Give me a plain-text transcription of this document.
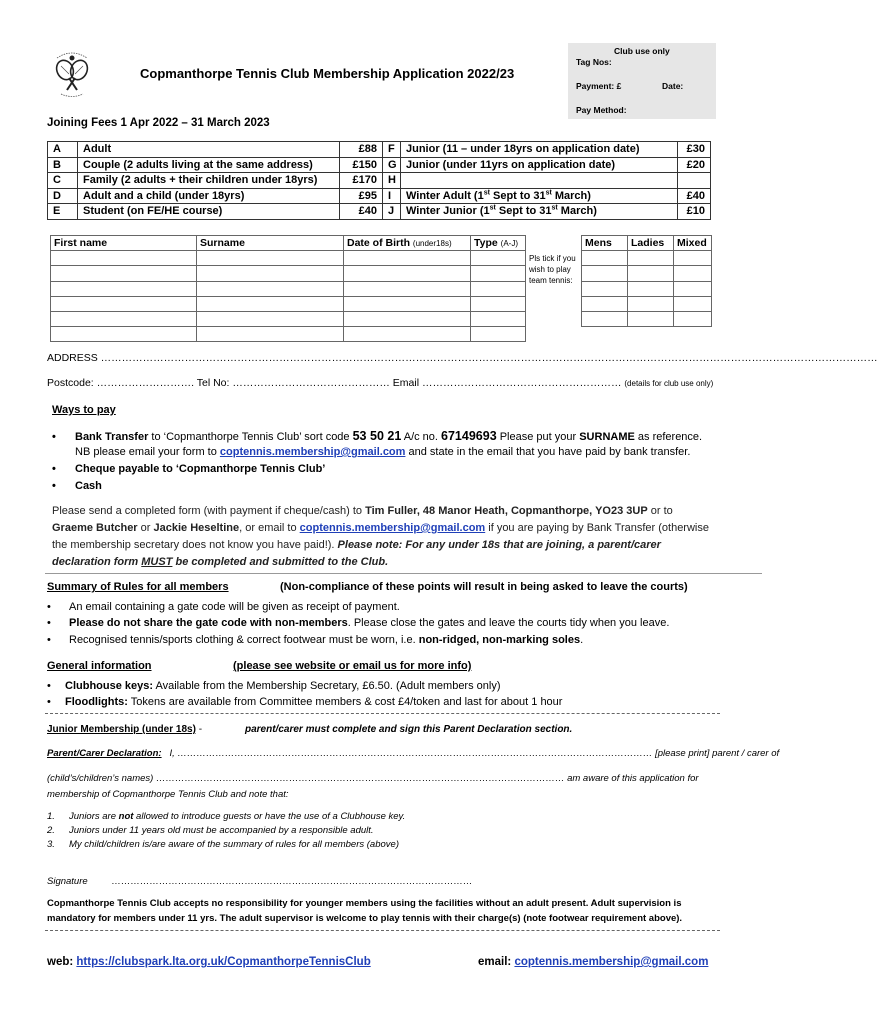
Copmanthorpe Tennis Club Membership Application 2022/23
Club use only
Tag Nos:
Payment: £	Date:
Pay Method:
Joining Fees 1 Apr 2022 – 31 March 2023
A	Adult	£88	F	Junior (11 – under 18yrs on application date)	£30
B	Couple (2 adults living at the same address)	£150	G	Junior (under 11yrs on application date)	£20
C	Family (2 adults + their children under 18yrs)	£170	H		
D	Adult and a child (under 18yrs)	£95	I	Winter Adult (1st Sept to 31st March)	£40
E	Student (on FE/HE course)	£40	J	Winter Junior (1st Sept to 31st March)	£10
First name	Surname	Date of Birth (under18s)	Type (A-J)

Pls tick if you wish to play team tennis:
Mens	Ladies	Mixed

ADDRESS ……………………………………………………………………………………………………………………………………………………………………………………………………
Postcode: ………………………. Tel No: ……………………………………… Email ………………………………………………… (details for club use only)
Ways to pay
• Bank Transfer to ‘Copmanthorpe Tennis Club’ sort code 53 50 21 A/c no. 67149693 Please put your SURNAME as reference.
NB please email your form to coptennis.membership@gmail.com and state in the email that you have paid by bank transfer.
• Cheque payable to ‘Copmanthorpe Tennis Club’
• Cash
Please send a completed form (with payment if cheque/cash) to Tim Fuller, 48 Manor Heath, Copmanthorpe, YO23 3UP or to
Graeme Butcher or Jackie Heseltine, or email to coptennis.membership@gmail.com if you are paying by Bank Transfer (otherwise
the membership secretary does not know you have paid!). Please note: For any under 18s that are joining, a parent/carer
declaration form MUST be completed and submitted to the Club.
Summary of Rules for all members	(Non-compliance of these points will result in being asked to leave the courts)
• An email containing a gate code will be given as receipt of payment.
• Please do not share the gate code with non-members. Please close the gates and leave the courts tidy when you leave.
• Recognised tennis/sports clothing & correct footwear must be worn, i.e. non-ridged, non-marking soles.
General information	(please see website or email us for more info)
• Clubhouse keys: Available from the Membership Secretary, £6.50. (Adult members only)
• Floodlights: Tokens are available from Committee members & cost £4/token and last for about 1 hour
Junior Membership (under 18s) -	parent/carer must complete and sign this Parent Declaration section.
Parent/Carer Declaration: I, …………………………………………………………………………………………………………………………………… [please print] parent / carer of
(child’s/children’s names) ………………………………………………………………………………………………………………… am aware of this application for
membership of Copmanthorpe Tennis Club and note that:
1. Juniors are not allowed to introduce guests or have the use of a Clubhouse key.
2. Juniors under 11 years old must be accompanied by a responsible adult.
3. My child/children is/are aware of the summary of rules for all members (above)
Signature	……………………………………………………………………………………………………
Copmanthorpe Tennis Club accepts no responsibility for younger members using the facilities without an adult present. Adult supervision is
mandatory for members under 11 yrs. The adult supervisor is welcome to play tennis with their charge(s) (note footwear requirement above).
web: https://clubspark.lta.org.uk/CopmanthorpeTennisClub	email: coptennis.membership@gmail.com
